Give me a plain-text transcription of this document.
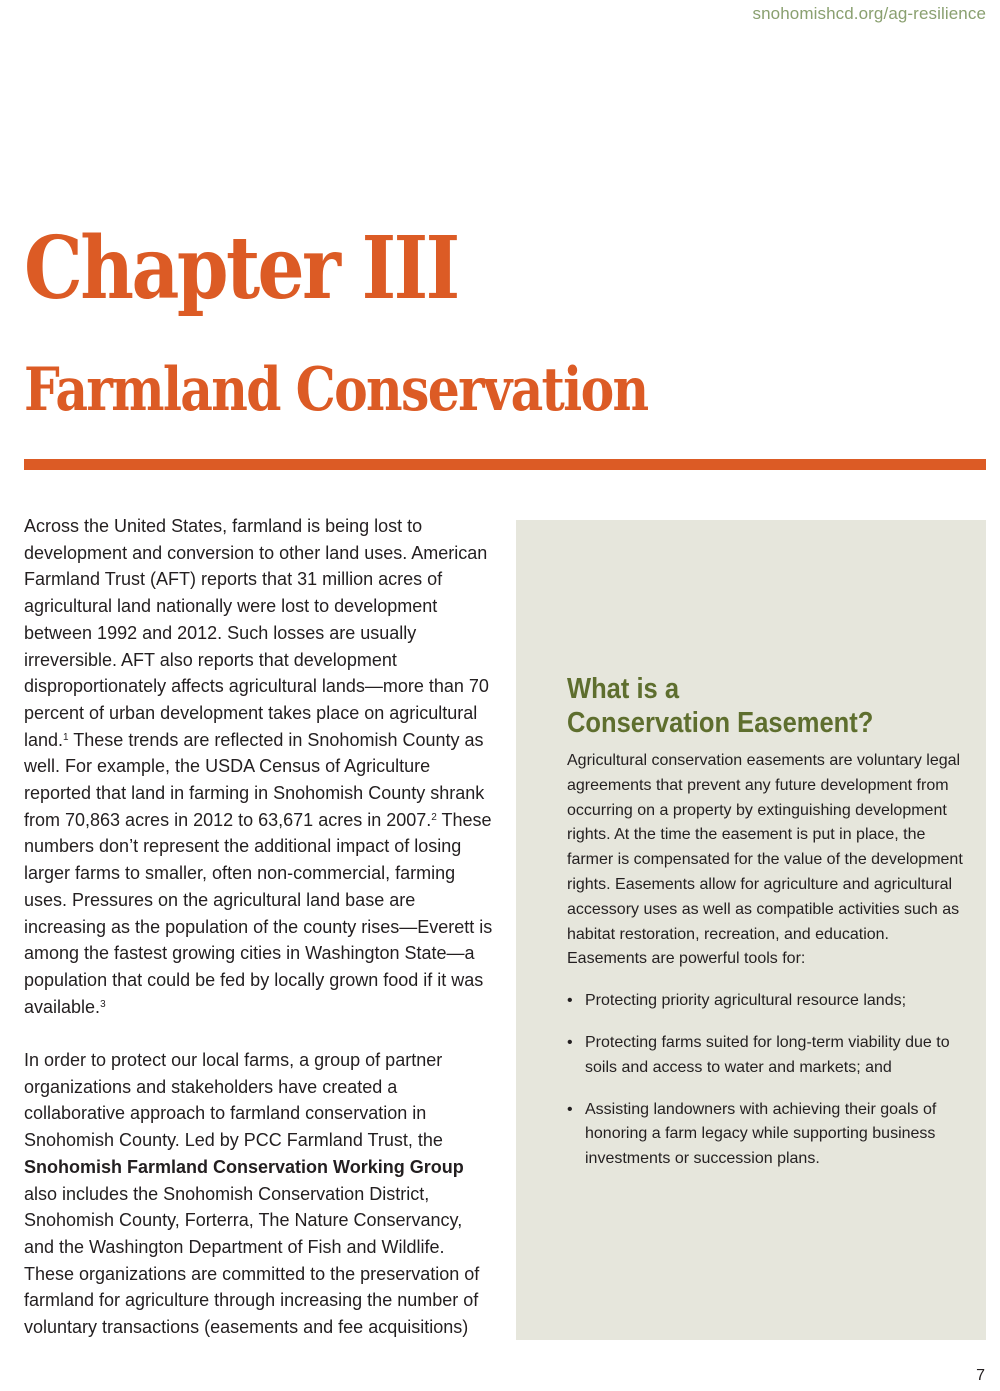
snohomishcd.org/ag-resilience
Chapter III
Farmland Conservation

Across the United States, farmland is being lost to development and conversion to other land uses. American Farmland Trust (AFT) reports that 31 million acres of agricultural land nationally were lost to development between 1992 and 2012. Such losses are usually irreversible. AFT also reports that development disproportionately affects agricultural lands—more than 70 percent of urban development takes place on agricultural land.$^1$ These trends are reflected in Snohomish County as well. For example, the USDA Census of Agriculture reported that land in farming in Snohomish County shrank from 70,863 acres in 2012 to 63,671 acres in 2007.$^2$ These numbers don’t represent the additional impact of losing larger farms to smaller, often non-commercial, farming uses. Pressures on the agricultural land base are increasing as the population of the county rises—Everett is among the fastest growing cities in Washington State—a population that could be fed by locally grown food if it was available.$^3$

In order to protect our local farms, a group of partner organizations and stakeholders have created a collaborative approach to farmland conservation in Snohomish County. Led by PCC Farmland Trust, the Snohomish Farmland Conservation Working Group also includes the Snohomish Conservation District, Snohomish County, Forterra, The Nature Conservancy, and the Washington Department of Fish and Wildlife. These organizations are committed to the preservation of farmland for agriculture through increasing the number of voluntary transactions (easements and fee acquisitions)

What is a
Conservation Easement?

Agricultural conservation easements are voluntary legal agreements that prevent any future development from occurring on a property by extinguishing development rights. At the time the easement is put in place, the farmer is compensated for the value of the development rights. Easements allow for agriculture and agricultural accessory uses as well as compatible activities such as habitat restoration, recreation, and education. Easements are powerful tools for:

• Protecting priority agricultural resource lands;
• Protecting farms suited for long-term viability due to soils and access to water and markets; and
• Assisting landowners with achieving their goals of honoring a farm legacy while supporting business investments or succession plans.
7
